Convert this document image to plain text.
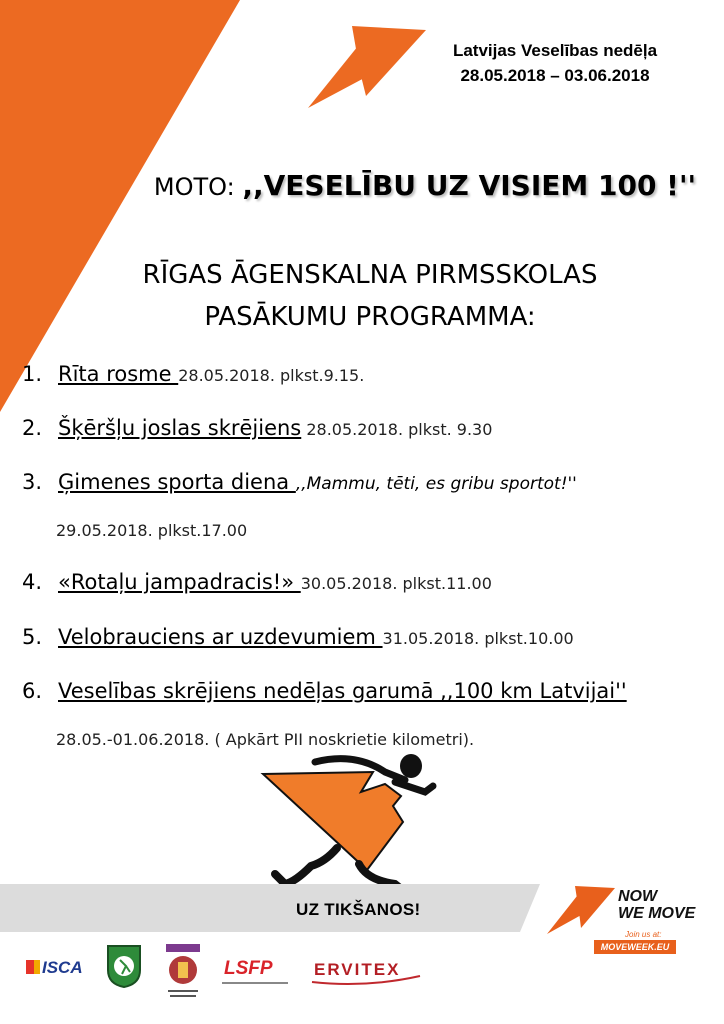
Latvijas Veselības nedēļa
28.05.2018 – 03.06.2018
MOTO: ,,VESELĪBU UZ VISIEM 100 !''
RĪGAS ĀGENSKALNA PIRMSSKOLAS
PASĀKUMU PROGRAMMA:
1. Rīta rosme 28.05.2018. plkst.9.15.
2. Šķēršļu joslas skrējiens 28.05.2018. plkst. 9.30
3. Ģimenes sporta diena ,,Mammu, tēti, es gribu sportot!''
29.05.2018. plkst.17.00
4. «Rotaļu jampadracis!» 30.05.2018. plkst.11.00
5. Velobrauciens ar uzdevumiem 31.05.2018. plkst.10.00
6. Veselības skrējiens nedēļas garumā ,,100 km Latvijai''
28.05.-01.06.2018. ( Apkārt PII noskrietie kilometri).
UZ TIKŠANOS!
NOW
WE MOVE
Join us at:
MOVEWEEK.EU
ISCA	LSFP ERVITEX
